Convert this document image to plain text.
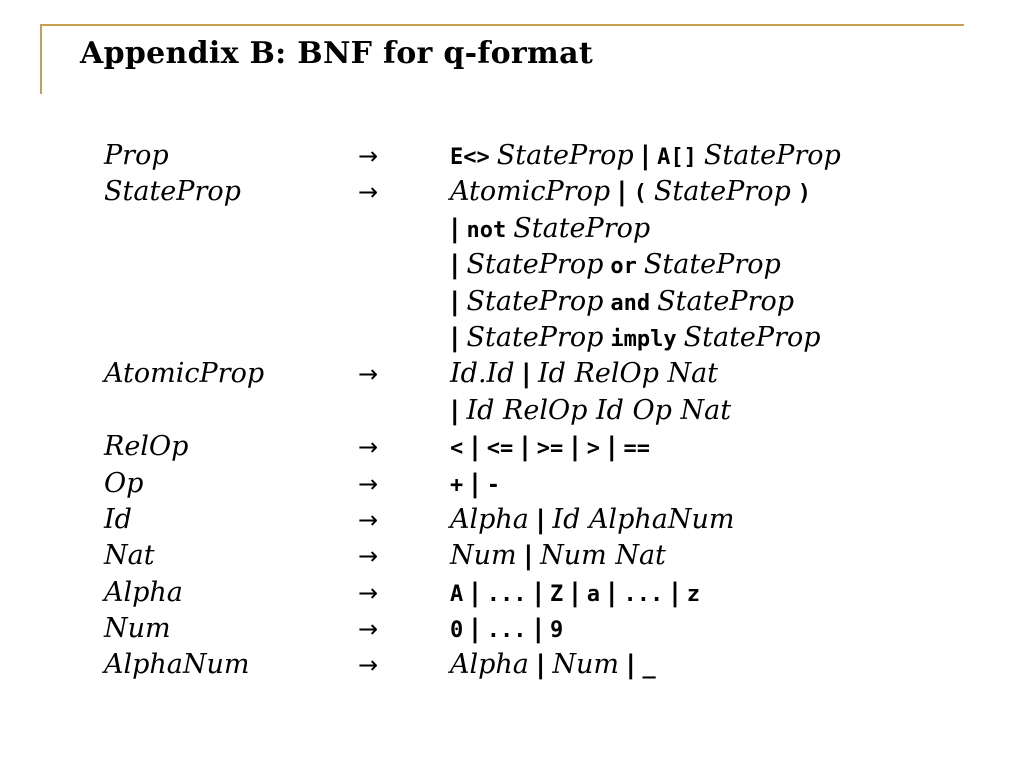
Appendix B: BNF for q-format
Prop	→	E<> StateProp | A[] StateProp
StateProp	→	AtomicProp | ( StateProp )
| not StateProp
| StateProp or StateProp
| StateProp and StateProp
| StateProp imply StateProp
AtomicProp	→	Id.Id | Id RelOp Nat
| Id RelOp Id Op Nat
RelOp	→	< | <= | >= | > | ==
Op	→	+ | -
Id	→	Alpha | Id AlphaNum
Nat	→	Num | Num Nat
Alpha	→	A | ... | Z | a | ... | z
Num	→	0 | ... | 9
AlphaNum	→	Alpha | Num | _
